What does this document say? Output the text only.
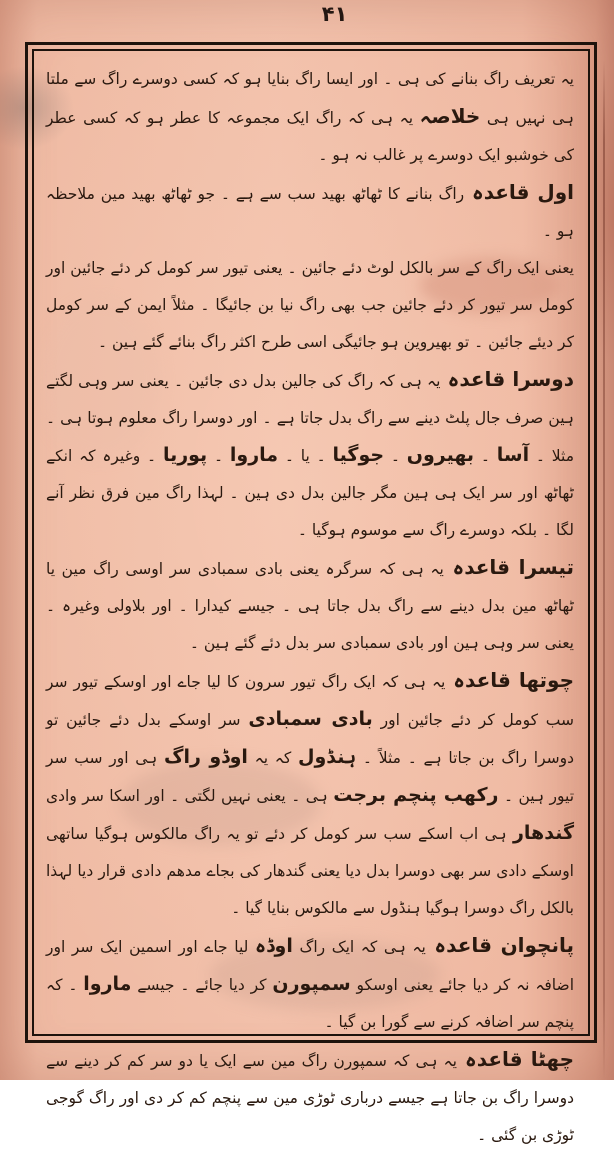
۴۱

یہ تعریف راگ بنانے کی ہی ۔ اور ایسا راگ بنایا ہو کہ کسی دوسرے راگ سے ملتا ہی نہیں ہی خلاصہ یہ ہی کہ راگ ایک مجموعہ کا عطر ہو کہ کسی عطر کی خوشبو ایک دوسرے پر غالب نہ ہو ۔

اول قاعدہ راگ بنانے کا ٹھاٹھ بھید سب سے ہے ۔ جو ٹھاٹھ بھید مین ملاحظہ ہو ۔

یعنی ایک راگ کے سر بالکل لوٹ دئے جائین ۔ یعنی تیور سر کومل کر دئے جائین اور کومل سر تیور کر دئے جائین جب بھی راگ نیا بن جائیگا ۔ مثلاً ایمن کے سر کومل کر دیئے جائین ۔ تو بھیروین ہو جائیگی اسی طرح اکثر راگ بنائے گئے ہین ۔

دوسرا قاعدہ یہ ہی کہ راگ کی جالین بدل دی جائین ۔ یعنی سر وہی لگتے ہین صرف جال پلٹ دینے سے راگ بدل جاتا ہے ۔ اور دوسرا راگ معلوم ہوتا ہی ۔ مثلا ۔ آسا ۔ بھیروں ۔ جوگیا ۔ یا ۔ ماروا ۔ پوریا ۔ وغیرہ کہ انکے ٹھاٹھ اور سر ایک ہی ہین مگر جالین بدل دی ہین ۔ لہذا راگ مین فرق نظر آنے لگا ۔ بلکہ دوسرے راگ سے موسوم ہوگیا ۔

تیسرا قاعدہ یہ ہی کہ سرگرہ یعنی بادی سمبادی سر اوسی راگ مین یا ٹھاٹھ مین بدل دینے سے راگ بدل جاتا ہی ۔ جیسے کیدارا ۔ اور بلاولی وغیرہ ۔ یعنی سر وہی ہین اور بادی سمبادی سر بدل دئے گئے ہین ۔

چوتھا قاعدہ یہ ہی کہ ایک راگ تیور سرون کا لیا جاے اور اوسکے تیور سر سب کومل کر دئے جائین اور بادی سمبادی سر اوسکے بدل دئے جائین تو دوسرا راگ بن جاتا ہے ۔ مثلاً ۔ ہنڈول کہ یہ اوڈو راگ ہی اور سب سر تیور ہین ۔ رکھب پنچم برجت ہی ۔ یعنی نہیں لگتی ۔ اور اسکا سر وادی گندھار ہی اب اسکے سب سر کومل کر دئے تو یہ راگ مالکوس ہوگیا ساتھی اوسکے دادی سر بھی دوسرا بدل دیا یعنی گندھار کی بجاے مدھم دادی قرار دیا لہذا بالکل راگ دوسرا ہوگیا ہنڈول سے مالکوس بنایا گیا ۔

پانچوان قاعدہ یہ ہی کہ ایک راگ اوڈہ لیا جاے اور اسمین ایک سر اور اضافہ نہ کر دیا جائے یعنی اوسکو سمپورن کر دیا جائے ۔ جیسے ماروا ۔ کہ پنچم سر اضافہ کرنے سے گورا بن گیا ۔

چھٹا قاعدہ یہ ہی کہ سمپورن راگ مین سے ایک یا دو سر کم کر دینے سے دوسرا راگ بن جاتا ہے جیسے درباری ٹوڑی مین سے پنچم کم کر دی اور راگ گوجی ٹوڑی بن گئی ۔
